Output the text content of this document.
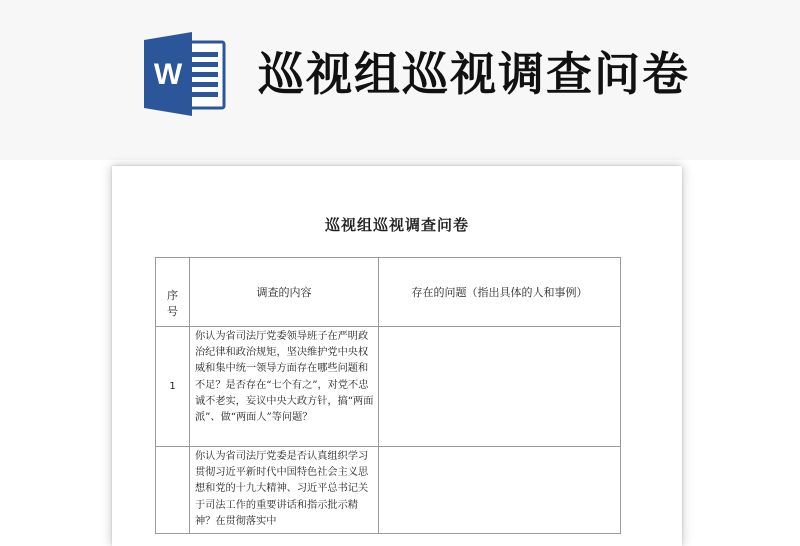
W 巡视组巡视调查问卷
巡视组巡视调查问卷
序号	调查的内容	存在的问题（指出具体的人和事例）
1	你认为省司法厅党委领导班子在严明政治纪律和政治规矩，坚决维护党中央权威和集中统一领导方面存在哪些问题和不足？是否存在“七个有之”，对党不忠诚不老实，妄议中央大政方针，搞“两面派”、做“两面人”等问题？	
	你认为省司法厅党委是否认真组织学习贯彻习近平新时代中国特色社会主义思想和党的十九大精神、习近平总书记关于司法工作的重要讲话和指示批示精神？在贯彻落实中	
